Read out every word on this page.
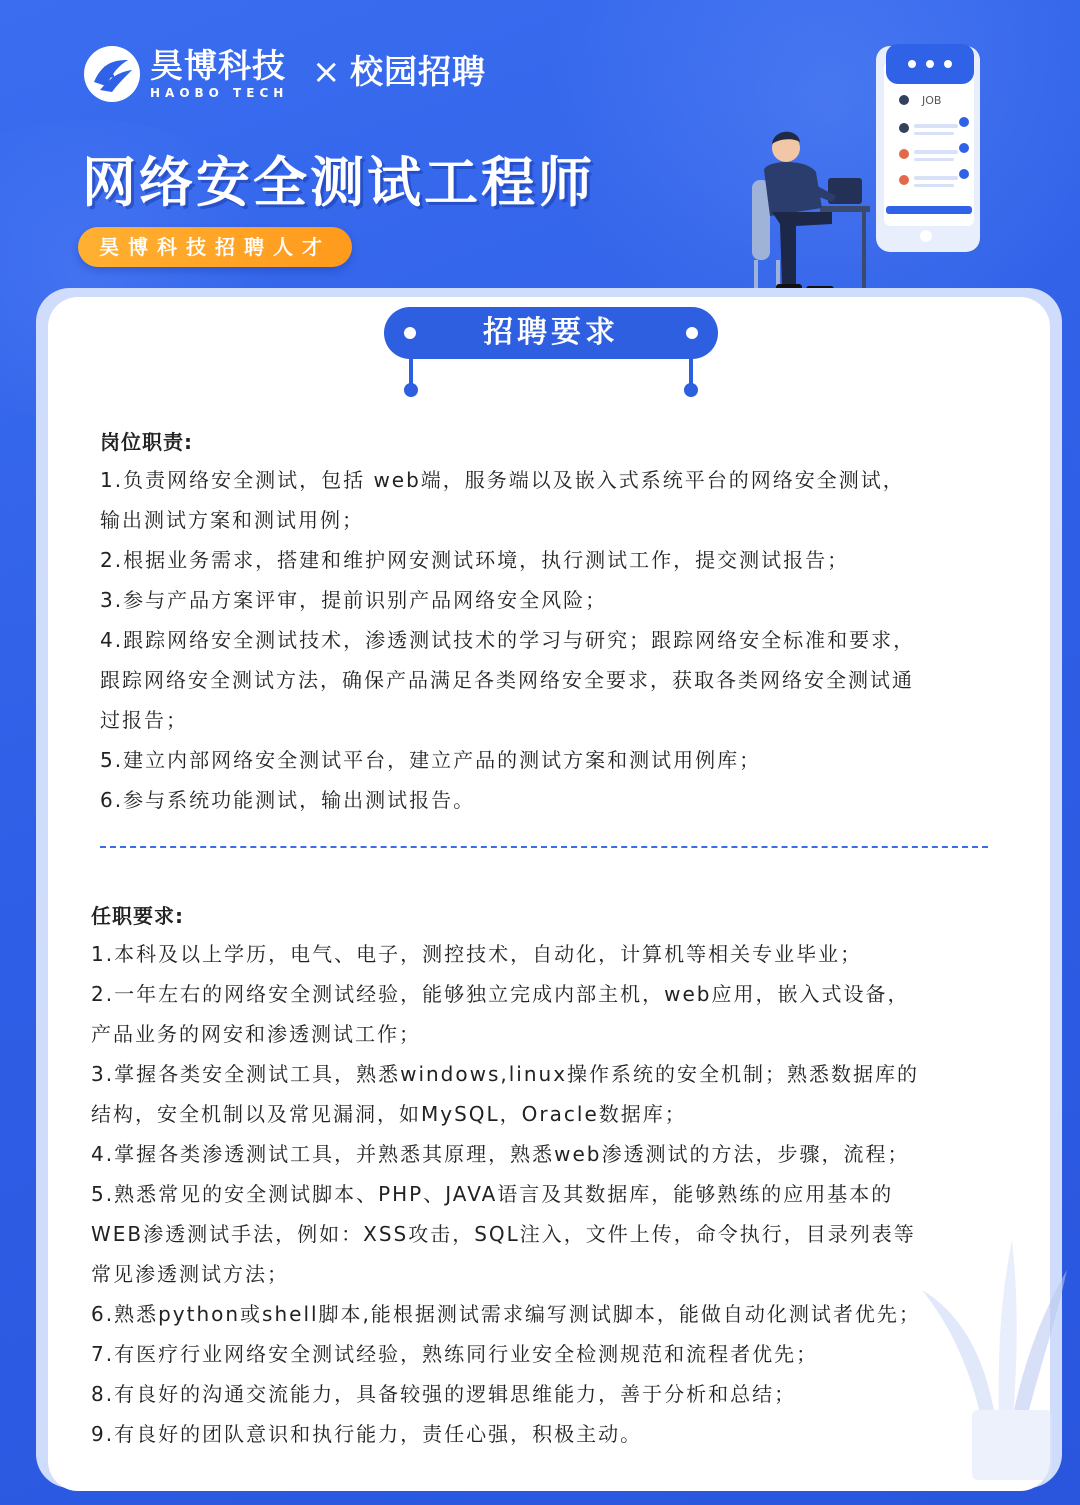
昊博科技
HAOBO TECH
× 校园招聘
网络安全测试工程师
昊博科技招聘人才
JOB
招聘要求
岗位职责:
1.负责网络安全测试，包括 web端，服务端以及嵌入式系统平台的网络安全测试，
输出测试方案和测试用例；
2.根据业务需求，搭建和维护网安测试环境，执行测试工作，提交测试报告；
3.参与产品方案评审，提前识别产品网络安全风险；
4.跟踪网络安全测试技术，渗透测试技术的学习与研究；跟踪网络安全标准和要求，
跟踪网络安全测试方法，确保产品满足各类网络安全要求，获取各类网络安全测试通
过报告；
5.建立内部网络安全测试平台，建立产品的测试方案和测试用例库；
6.参与系统功能测试，输出测试报告。
任职要求:
1.本科及以上学历，电气、电子，测控技术，自动化，计算机等相关专业毕业；
2.一年左右的网络安全测试经验，能够独立完成内部主机，web应用，嵌入式设备，
产品业务的网安和渗透测试工作；
3.掌握各类安全测试工具，熟悉windows,linux操作系统的安全机制；熟悉数据库的
结构，安全机制以及常见漏洞，如MySQL，Oracle数据库；
4.掌握各类渗透测试工具，并熟悉其原理，熟悉web渗透测试的方法，步骤，流程；
5.熟悉常见的安全测试脚本、PHP、JAVA语言及其数据库，能够熟练的应用基本的
WEB渗透测试手法，例如：XSS攻击，SQL注入，文件上传，命令执行，目录列表等
常见渗透测试方法；
6.熟悉python或shell脚本,能根据测试需求编写测试脚本，能做自动化测试者优先；
7.有医疗行业网络安全测试经验，熟练同行业安全检测规范和流程者优先；
8.有良好的沟通交流能力，具备较强的逻辑思维能力，善于分析和总结；
9.有良好的团队意识和执行能力，责任心强，积极主动。
